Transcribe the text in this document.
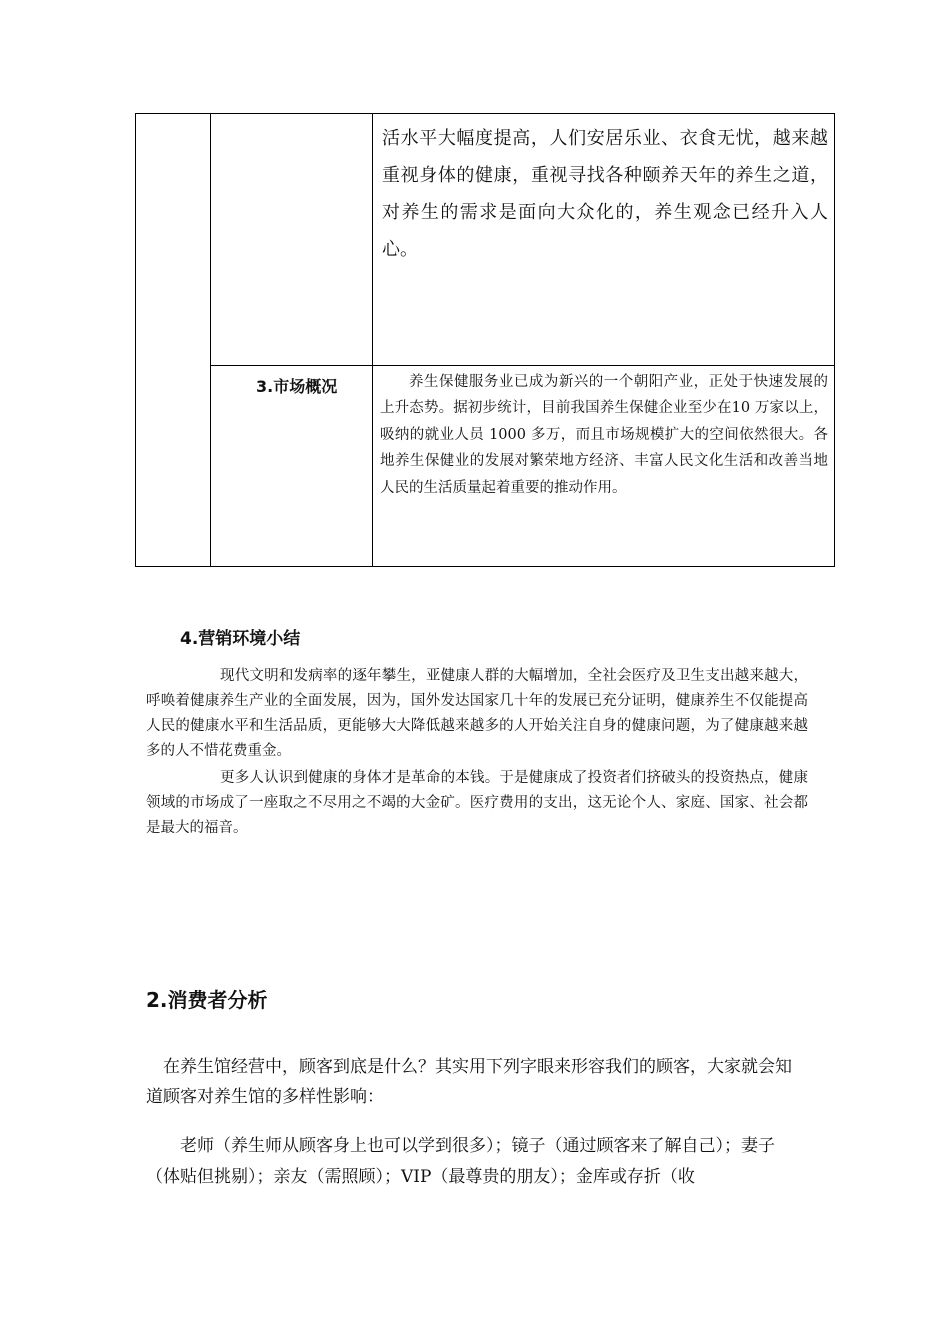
活水平大幅度提高，人们安居乐业、衣食无忧，越来越重视身体的健康，重视寻找各种颐养天年的养生之道，对养生的需求是面向大众化的，养生观念已经升入人心。
3.市场概况	养生保健服务业已成为新兴的一个朝阳产业，正处于快速发展的上升态势。据初步统计，目前我国养生保健企业至少在10 万家以上，吸纳的就业人员 1000 多万，而且市场规模扩大的空间依然很大。各地养生保健业的发展对繁荣地方经济、丰富人民文化生活和改善当地人民的生活质量起着重要的推动作用。
4.营销环境小结

现代文明和发病率的逐年攀生，亚健康人群的大幅增加，全社会医疗及卫生支出越来越大，呼唤着健康养生产业的全面发展，因为，国外发达国家几十年的发展已充分证明，健康养生不仅能提高人民的健康水平和生活品质，更能够大大降低越来越多的人开始关注自身的健康问题，为了健康越来越多的人不惜花费重金。

更多人认识到健康的身体才是革命的本钱。于是健康成了投资者们挤破头的投资热点，健康领域的市场成了一座取之不尽用之不竭的大金矿。医疗费用的支出，这无论个人、家庭、国家、社会都是最大的福音。

2.消费者分析

在养生馆经营中，顾客到底是什么？其实用下列字眼来形容我们的顾客，大家就会知道顾客对养生馆的多样性影响：

老师（养生师从顾客身上也可以学到很多）；镜子（通过顾客来了解自己）；妻子（体贴但挑剔）；亲友（需照顾）；VIP（最尊贵的朋友）；金库或存折（收
